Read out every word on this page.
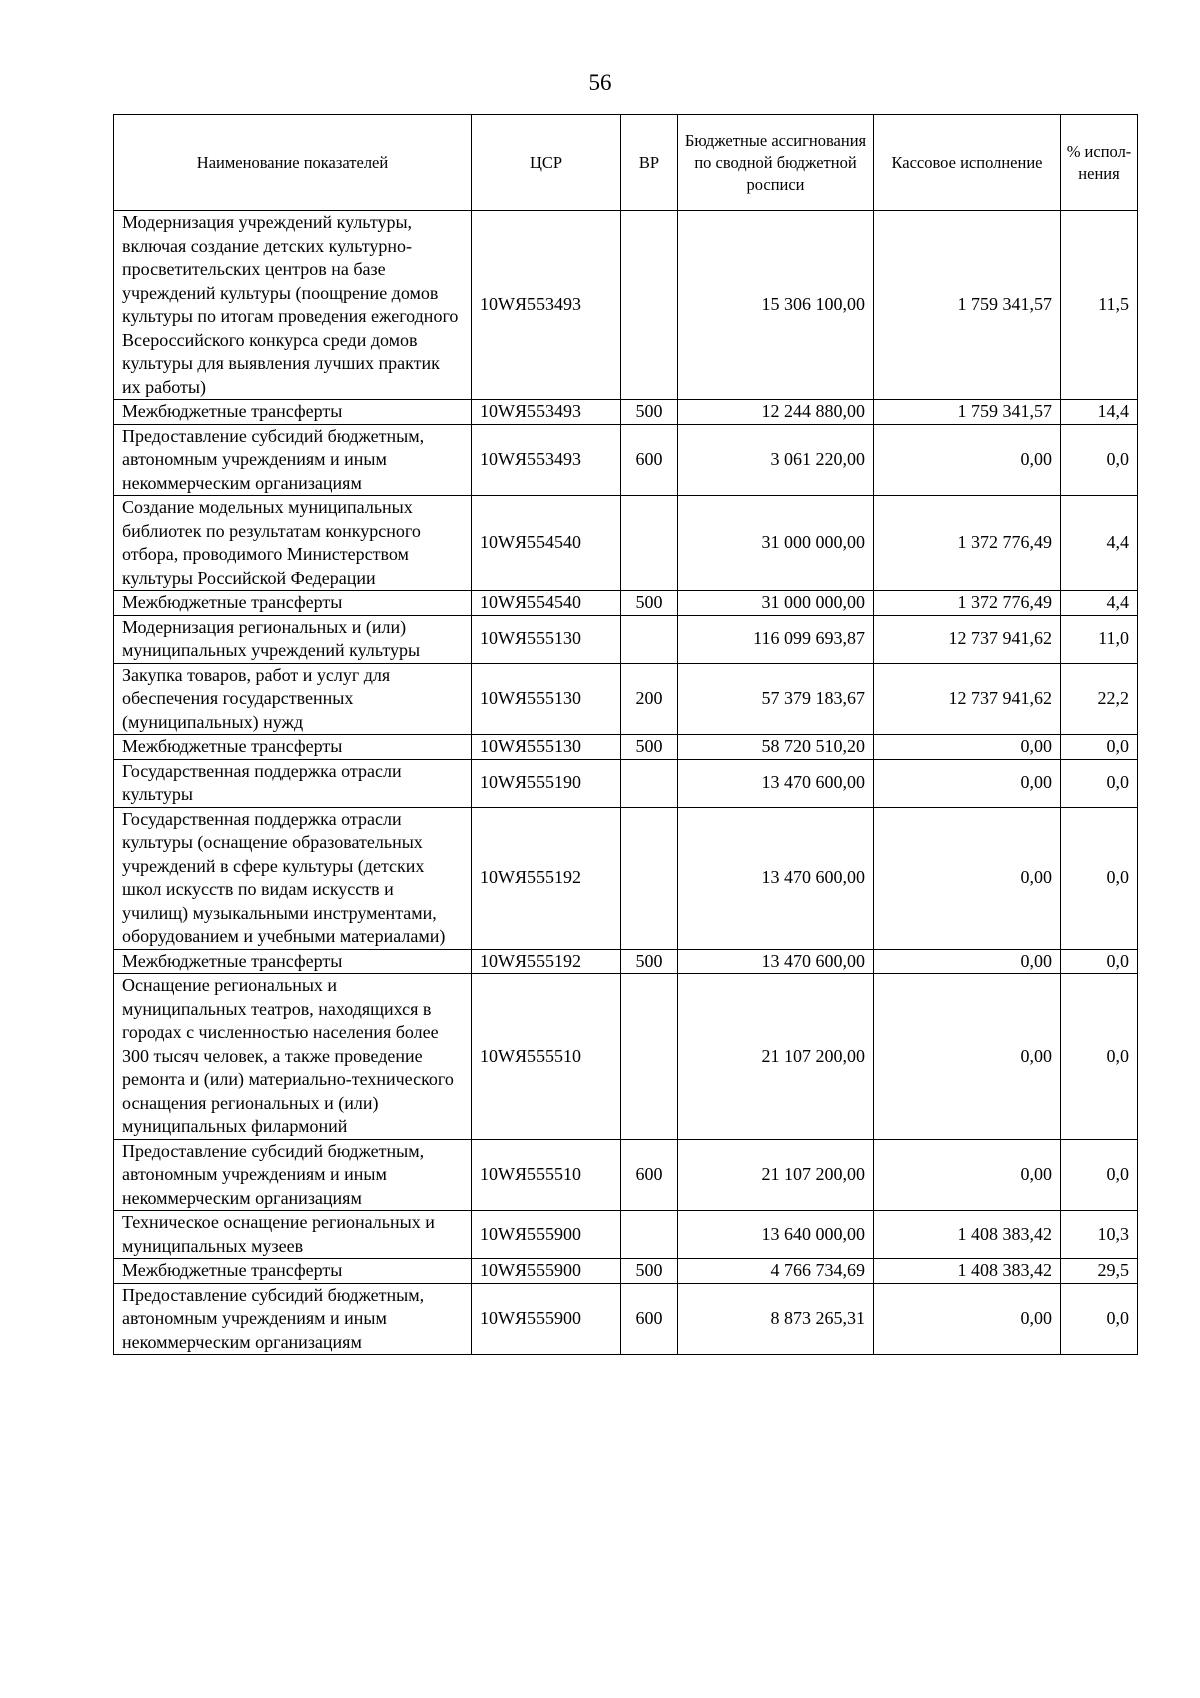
56
Наименование показателей	ЦСР	ВР	Бюджетные ассигнования по сводной бюджетной росписи	Кассовое исполнение	% испол-нения
Модернизация учреждений культуры, включая создание детских культурно-просветительских центров на базе учреждений культуры (поощрение домов культуры по итогам проведения ежегодного Всероссийского конкурса среди домов культуры для выявления лучших практик их работы)	10WЯ553493		15 306 100,00	1 759 341,57	11,5
Межбюджетные трансферты	10WЯ553493	500	12 244 880,00	1 759 341,57	14,4
Предоставление субсидий бюджетным, автономным учреждениям и иным некоммерческим организациям	10WЯ553493	600	3 061 220,00	0,00	0,0
Создание модельных муниципальных библиотек по результатам конкурсного отбора, проводимого Министерством культуры Российской Федерации	10WЯ554540		31 000 000,00	1 372 776,49	4,4
Межбюджетные трансферты	10WЯ554540	500	31 000 000,00	1 372 776,49	4,4
Модернизация региональных и (или) муниципальных учреждений культуры	10WЯ555130		116 099 693,87	12 737 941,62	11,0
Закупка товаров, работ и услуг для обеспечения государственных (муниципальных) нужд	10WЯ555130	200	57 379 183,67	12 737 941,62	22,2
Межбюджетные трансферты	10WЯ555130	500	58 720 510,20	0,00	0,0
Государственная поддержка отрасли культуры	10WЯ555190		13 470 600,00	0,00	0,0
Государственная поддержка отрасли культуры (оснащение образовательных учреждений в сфере культуры (детских школ искусств по видам искусств и училищ) музыкальными инструментами, оборудованием и учебными материалами)	10WЯ555192		13 470 600,00	0,00	0,0
Межбюджетные трансферты	10WЯ555192	500	13 470 600,00	0,00	0,0
Оснащение региональных и муниципальных театров, находящихся в городах с численностью населения более 300 тысяч человек, а также проведение ремонта и (или) материально-технического оснащения региональных и (или) муниципальных филармоний	10WЯ555510		21 107 200,00	0,00	0,0
Предоставление субсидий бюджетным, автономным учреждениям и иным некоммерческим организациям	10WЯ555510	600	21 107 200,00	0,00	0,0
Техническое оснащение региональных и муниципальных музеев	10WЯ555900		13 640 000,00	1 408 383,42	10,3
Межбюджетные трансферты	10WЯ555900	500	4 766 734,69	1 408 383,42	29,5
Предоставление субсидий бюджетным, автономным учреждениям и иным некоммерческим организациям	10WЯ555900	600	8 873 265,31	0,00	0,0
